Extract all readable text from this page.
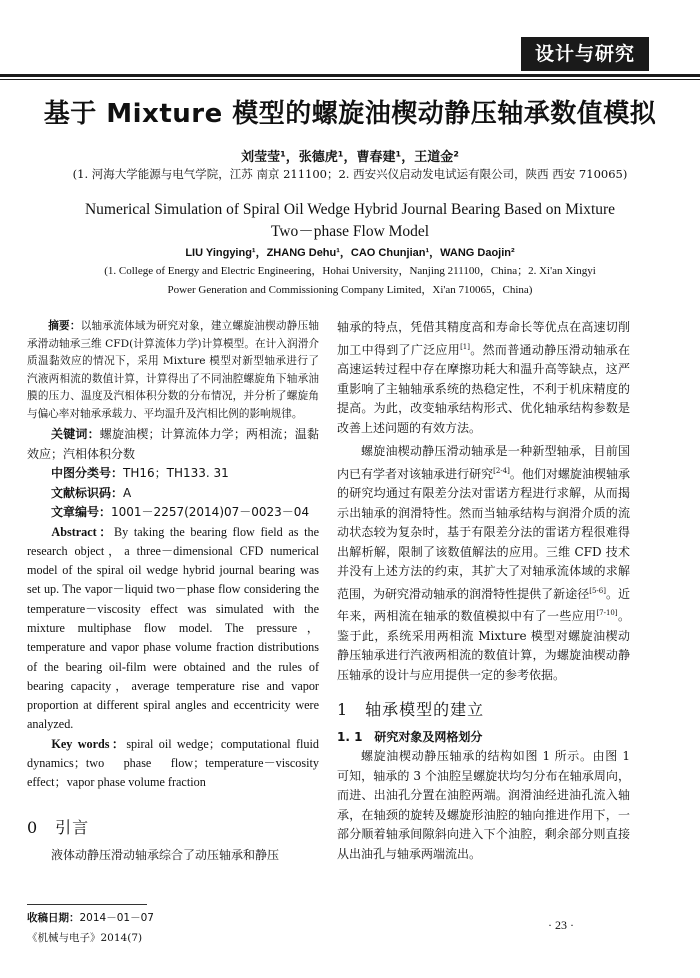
设计与研究
基于 Mixture 模型的螺旋油楔动静压轴承数值模拟
刘莹莹¹，张德虎¹，曹春建¹，王道金²
(1. 河海大学能源与电气学院，江苏 南京 211100；2. 西安兴仪启动发电试运有限公司，陕西 西安 710065)
Numerical Simulation of Spiral Oil Wedge Hybrid Journal Bearing Based on Mixture
Two－phase Flow Model
LIU Yingying¹，ZHANG Dehu¹，CAO Chunjian¹，WANG Daojin²
(1. College of Energy and Electric Engineering，Hohai University，Nanjing 211100，China；2. Xi'an Xingyi
Power Generation and Commissioning Company Limited，Xi'an 710065，China)

摘要：以轴承流体域为研究对象，建立螺旋油楔动静压轴承滑动轴承三维 CFD(计算流体力学)计算模型。在计入润滑介质温黏效应的情况下，采用 Mixture 模型对新型轴承进行了汽液两相流的数值计算，计算得出了不同油腔螺旋角下轴承油膜的压力、温度及汽相体积分数的分布情况，并分析了螺旋角与偏心率对轴承承载力、平均温升及汽相比例的影响规律。

关键词：螺旋油楔；计算流体力学；两相流；温黏效应；汽相体积分数

中图分类号：TH16；TH133. 31

文献标识码：A

文章编号：1001－2257(2014)07－0023－04

Abstract：By taking the bearing flow field as the research object，a three－dimensional CFD numerical model of the spiral oil wedge hybrid journal bearing was set up. The vapor－liquid two－phase flow considering the temperature－viscosity effect was simulated with the mixture multiphase flow model. The pressure，temperature and vapor phase volume fraction distributions of the bearing oil-film were obtained and the rules of bearing capacity，average temperature rise and vapor proportion at different spiral angles and eccentricity were analyzed.

Key words：spiral oil wedge；computational fluid dynamics；two phase flow；temperature－viscosity effect；vapor phase volume fraction

0　引言

液体动静压滑动轴承综合了动压轴承和静压

轴承的特点，凭借其精度高和寿命长等优点在高速切削加工中得到了广泛应用[1]。然而普通动静压滑动轴承在高速运转过程中存在摩擦功耗大和温升高等缺点，这严重影响了主轴轴承系统的热稳定性，不利于机床精度的提高。为此，改变轴承结构形式、优化轴承结构参数是改善上述问题的有效方法。

螺旋油楔动静压滑动轴承是一种新型轴承，目前国内已有学者对该轴承进行研究[2-4]。他们对螺旋油楔轴承的研究均通过有限差分法对雷诺方程进行求解，从而揭示出轴承的润滑特性。然而当轴承结构与润滑介质的流动状态较为复杂时，基于有限差分法的雷诺方程很难得出解析解，限制了该数值解法的应用。三维 CFD 技术并没有上述方法的约束，其扩大了对轴承流体域的求解范围，为研究滑动轴承的润滑特性提供了新途径[5-6]。近年来，两相流在轴承的数值模拟中有了一些应用[7-10]。鉴于此，系统采用两相流 Mixture 模型对螺旋油楔动静压轴承进行汽液两相流的数值计算，为螺旋油楔动静压轴承的设计与应用提供一定的参考依据。

1　轴承模型的建立
1. 1　研究对象及网格划分

螺旋油楔动静压轴承的结构如图 1 所示。由图 1 可知，轴承的 3 个油腔呈螺旋状均匀分布在轴承周向，而进、出油孔分置在油腔两端。润滑油经进油孔流入轴承，在轴颈的旋转及螺旋形油腔的轴向推进作用下，一部分顺着轴承间隙斜向进入下个油腔，剩余部分则直接从出油孔与轴承两端流出。

收稿日期：2014－01－07
《机械与电子》2014(7)
· 23 ·
